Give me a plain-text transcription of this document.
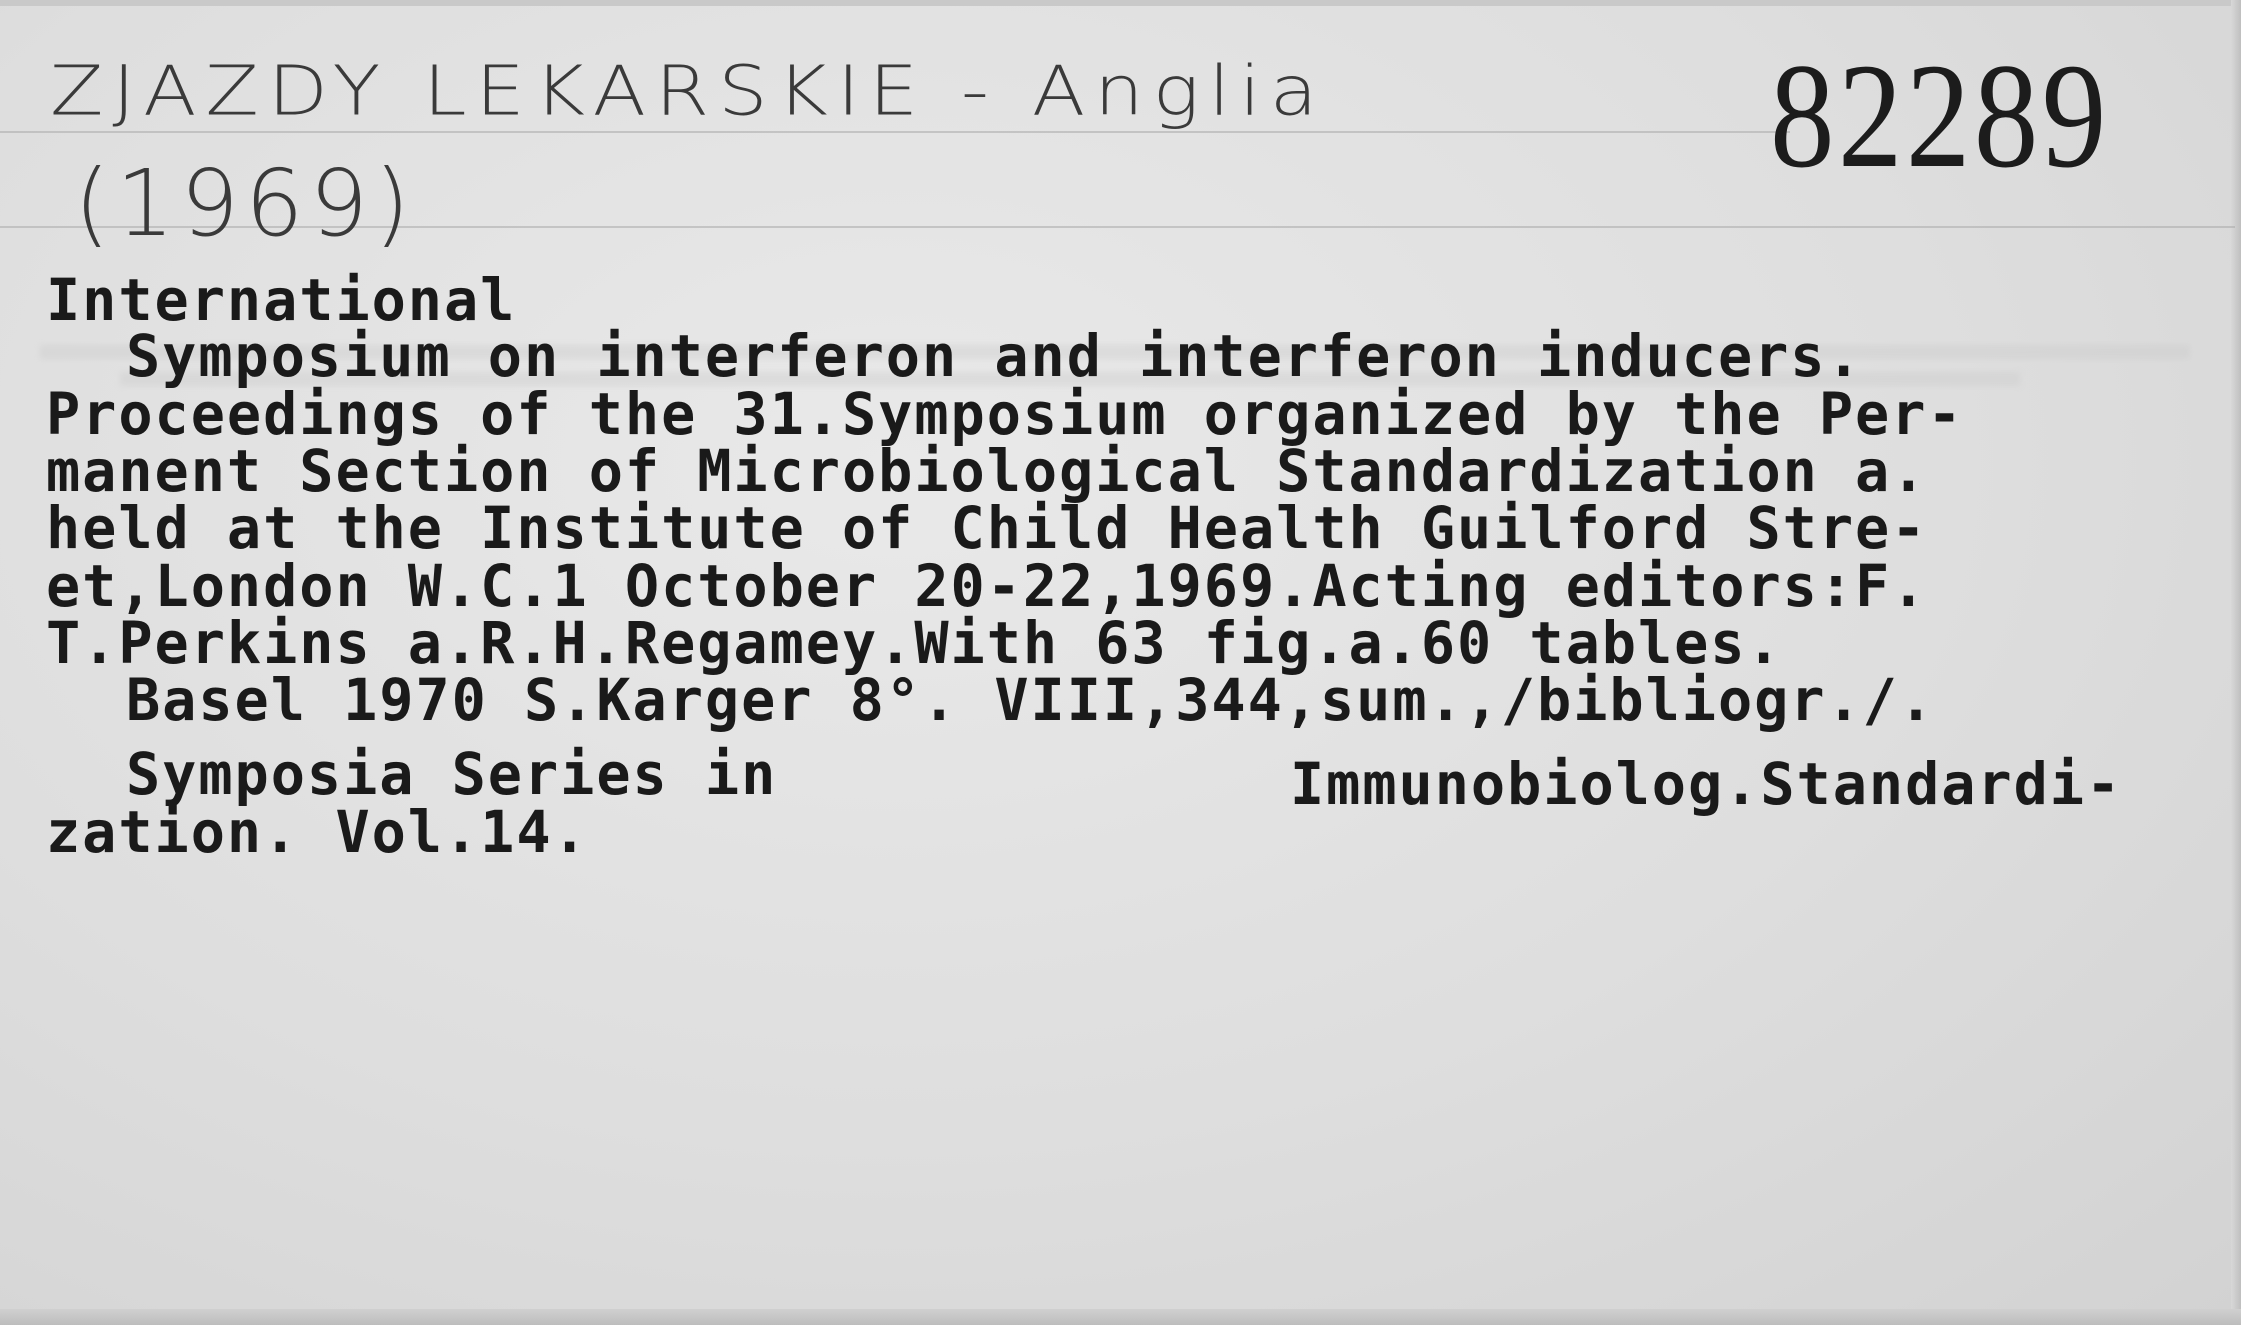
ZJAZDY LEKARSKIE - Anglia
(1969)
82289
International
Symposium on interferon and interferon inducers.
Proceedings of the 31.Symposium organized by the Per-
manent Section of Microbiological Standardization a.
held at the Institute of Child Health Guilford Stre-
et,London W.C.1 October 20-22,1969.Acting editors:F.
T.Perkins a.R.H.Regamey.With 63 fig.a.60 tables.
Basel 1970 S.Karger 8°. VIII,344,sum.,/bibliogr./.
Symposia Series in	Immunobiolog.Standardi-
zation. Vol.14.
